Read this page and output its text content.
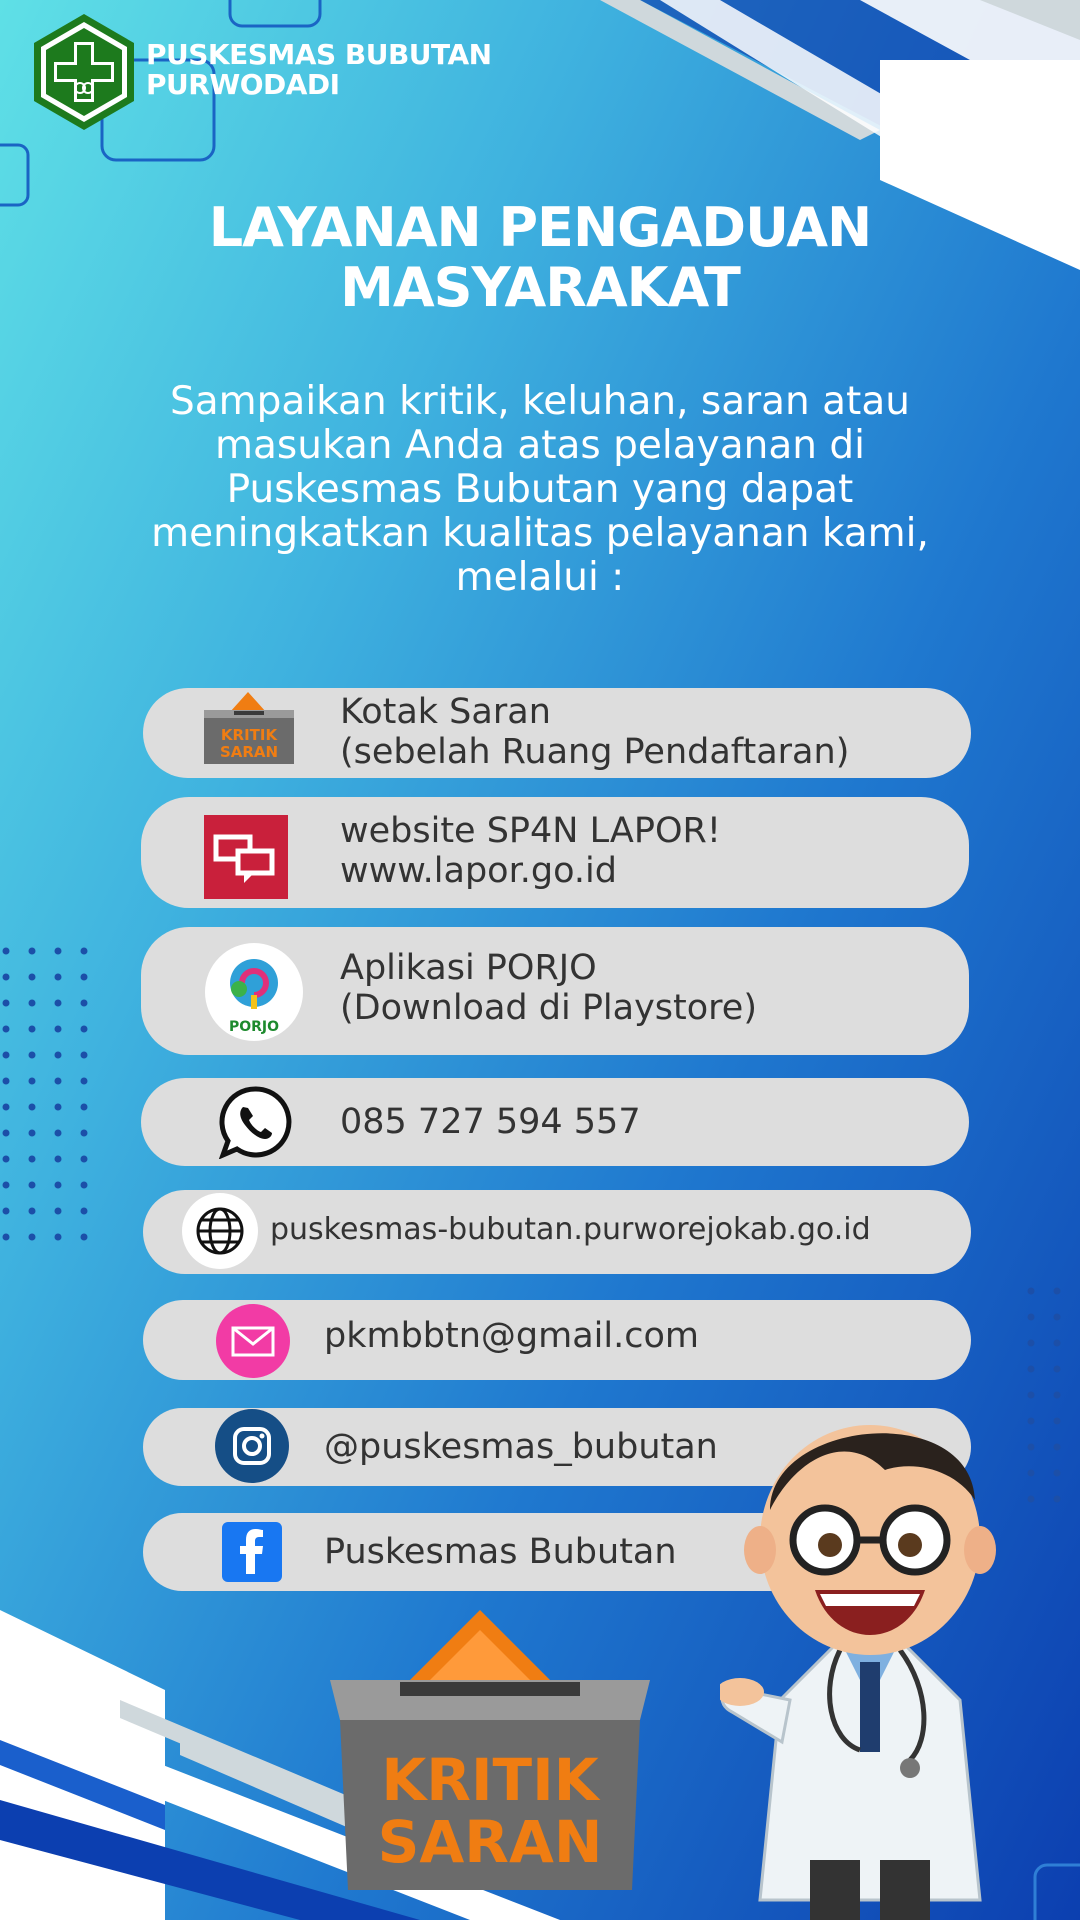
PUSKESMAS BUBUTAN
PURWODADI
LAYANAN PENGADUAN
MASYARAKAT
Sampaikan kritik, keluhan, saran atau
masukan Anda atas pelayanan di
Puskesmas Bubutan yang dapat
meningkatkan kualitas pelayanan kami,
melalui :
KRITIK
SARAN
Kotak Saran
(sebelah Ruang Pendaftaran)
website SP4N LAPOR!
www.lapor.go.id
PORJO
Aplikasi PORJO
(Download di Playstore)
085 727 594 557
puskesmas-bubutan.purworejokab.go.id
pkmbbtn@gmail.com
@puskesmas_bubutan
Puskesmas Bubutan
KRITIK
SARAN
